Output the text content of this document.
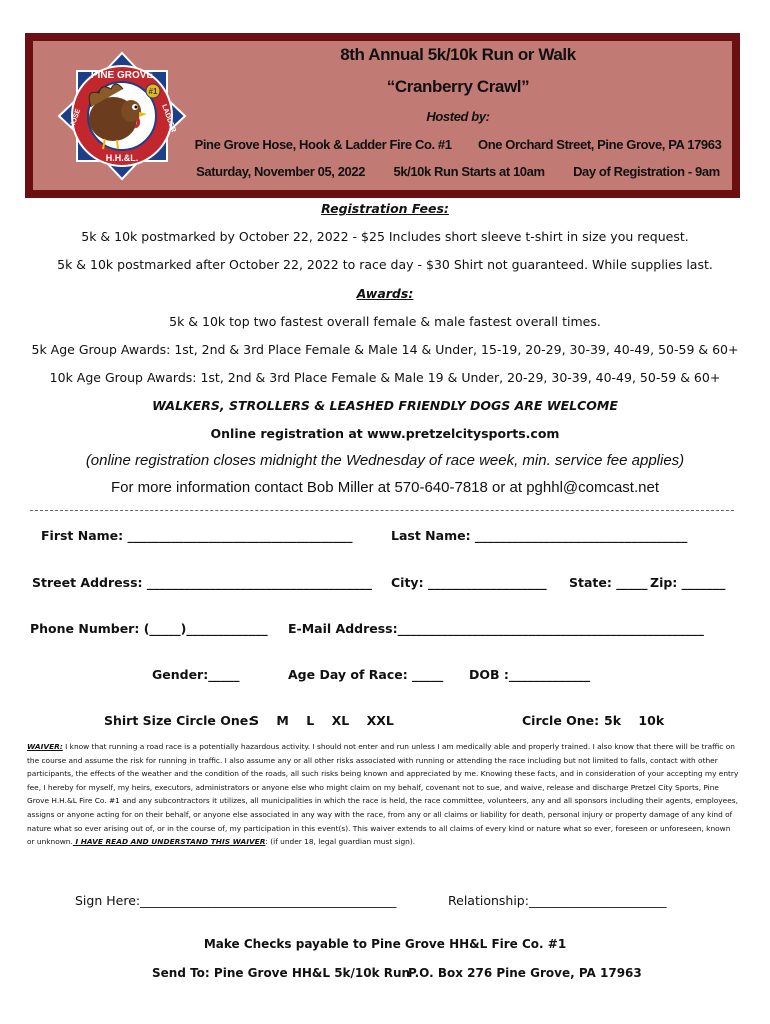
PINE GROVE
HOSE	LADDER
H.H.&L.
#1
8th Annual 5k/10k Run or Walk
“Cranberry Crawl”
Hosted by:
Pine Grove Hose, Hook & Ladder Fire Co. #1 One Orchard Street, Pine Grove, PA 17963
Saturday, November 05, 2022 5k/10k Run Starts at 10am Day of Registration - 9am
Registration Fees:
5k & 10k postmarked by October 22, 2022 - $25 Includes short sleeve t-shirt in size you request.
5k & 10k postmarked after October 22, 2022 to race day - $30 Shirt not guaranteed. While supplies last.
Awards:
5k & 10k top two fastest overall female & male fastest overall times.
5k Age Group Awards: 1st, 2nd & 3rd Place Female & Male 14 & Under, 15-19, 20-29, 30-39, 40-49, 50-59 & 60+
10k Age Group Awards: 1st, 2nd & 3rd Place Female & Male 19 & Under, 20-29, 30-39, 40-49, 50-59 & 60+
WALKERS, STROLLERS & LEASHED FRIENDLY DOGS ARE WELCOME
Online registration at www.pretzelcitysports.com
(online registration closes midnight the Wednesday of race week, min. service fee applies)
For more information contact Bob Miller at 570-640-7818 or at pghhl@comcast.net
First Name: ____________________________________	Last Name: __________________________________
Street Address: ____________________________________ City: ___________________ State: _____ Zip: _______
Phone Number: (_____)_____________ E-Mail Address:_________________________________________________
Gender:_____	Age Day of Race: _____ DOB :_____________
Shirt Size Circle One:
S    M    L    XL    XXL	Circle One: 5k    10k
WAIVER: I know that running a road race is a potentially hazardous activity. I should not enter and run unless I am medically able and properly trained. I also know that there will be traffic on the course and assume the risk for running in traffic. I also assume any or all other risks associated with running or attending the race including but not limited to falls, contact with other participants, the effects of the weather and the condition of the roads, all such risks being known and appreciated by me. Knowing these facts, and in consideration of your accepting my entry fee, I hereby for myself, my heirs, executors, administrators or anyone else who might claim on my behalf, covenant not to sue, and waive, release and discharge Pretzel City Sports, Pine Grove H.H.&L Fire Co. #1 and any subcontractors it utilizes, all municipalities in which the race is held, the race committee, volunteers, any and all sponsors including their agents, employees, assigns or anyone acting for on their behalf, or anyone else associated in any way with the race, from any or all claims or liability for death, personal injury or property damage of any kind of nature what so ever arising out of, or in the course of, my participation in this event(s). This waiver extends to all claims of every kind or nature what so ever, foreseen or unforeseen, known or unknown. I HAVE READ AND UNDERSTAND THIS WAIVER: (if under 18, legal guardian must sign).
Sign Here:_________________________________________	Relationship:______________________
Make Checks payable to Pine Grove HH&L Fire Co. #1
Send To: Pine Grove HH&L 5k/10k Run
P.O. Box 276 Pine Grove, PA 17963
